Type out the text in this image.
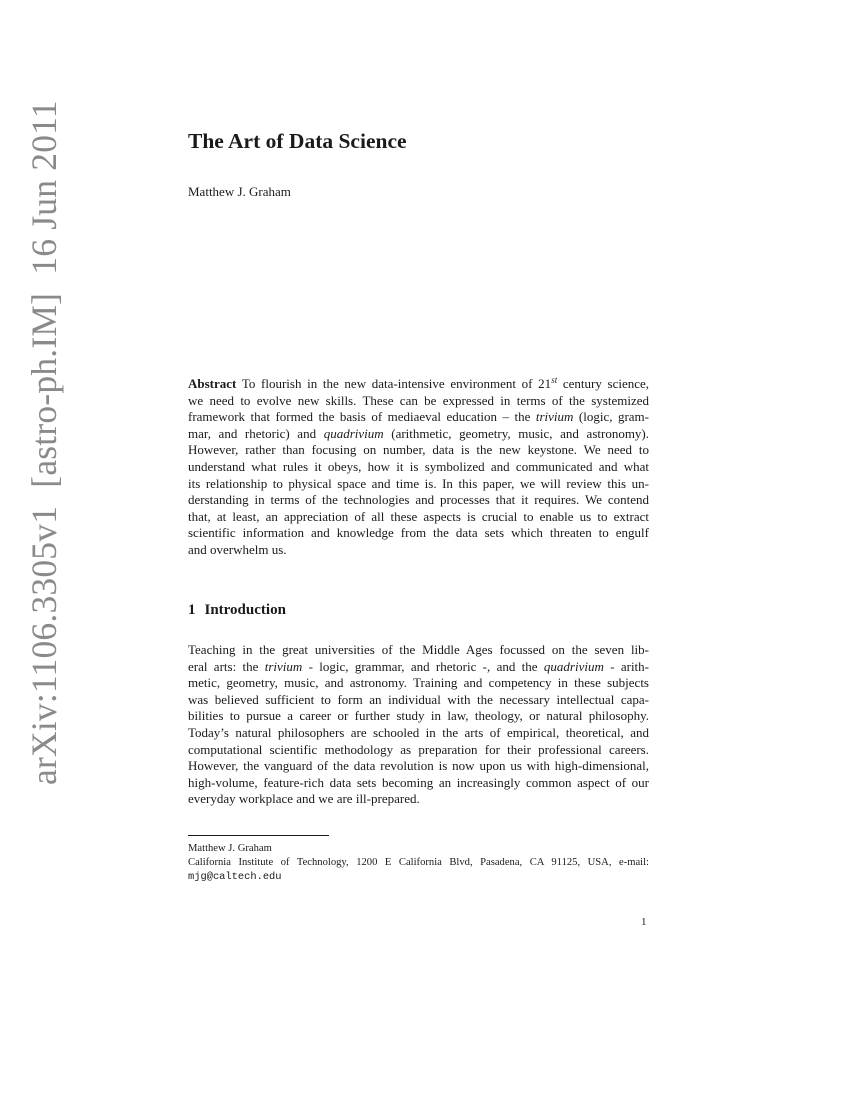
arXiv:1106.3305v1

[astro-ph.IM]

16 Jun 2011	The Art of Data Science
Matthew J. Graham
Abstract To flourish in the new data-intensive environment of 21st century science,
we need to evolve new skills. These can be expressed in terms of the systemized
framework that formed the basis of mediaeval education – the trivium (logic, gram-
mar, and rhetoric) and quadrivium (arithmetic, geometry, music, and astronomy).
However, rather than focusing on number, data is the new keystone. We need to
understand what rules it obeys, how it is symbolized and communicated and what
its relationship to physical space and time is. In this paper, we will review this un-
derstanding in terms of the technologies and processes that it requires. We contend
that, at least, an appreciation of all these aspects is crucial to enable us to extract
scientific information and knowledge from the data sets which threaten to engulf
and overwhelm us.
1 Introduction
Teaching in the great universities of the Middle Ages focussed on the seven lib-
eral arts: the trivium - logic, grammar, and rhetoric -, and the quadrivium - arith-
metic, geometry, music, and astronomy. Training and competency in these subjects
was believed sufficient to form an individual with the necessary intellectual capa-
bilities to pursue a career or further study in law, theology, or natural philosophy.
Today’s natural philosophers are schooled in the arts of empirical, theoretical, and
computational scientific methodology as preparation for their professional careers.
However, the vanguard of the data revolution is now upon us with high-dimensional,
high-volume, feature-rich data sets becoming an increasingly common aspect of our
everyday workplace and we are ill-prepared.
Matthew J. Graham
California Institute of Technology, 1200 E California Blvd, Pasadena, CA 91125, USA, e-mail:
mjg@caltech.edu
1
